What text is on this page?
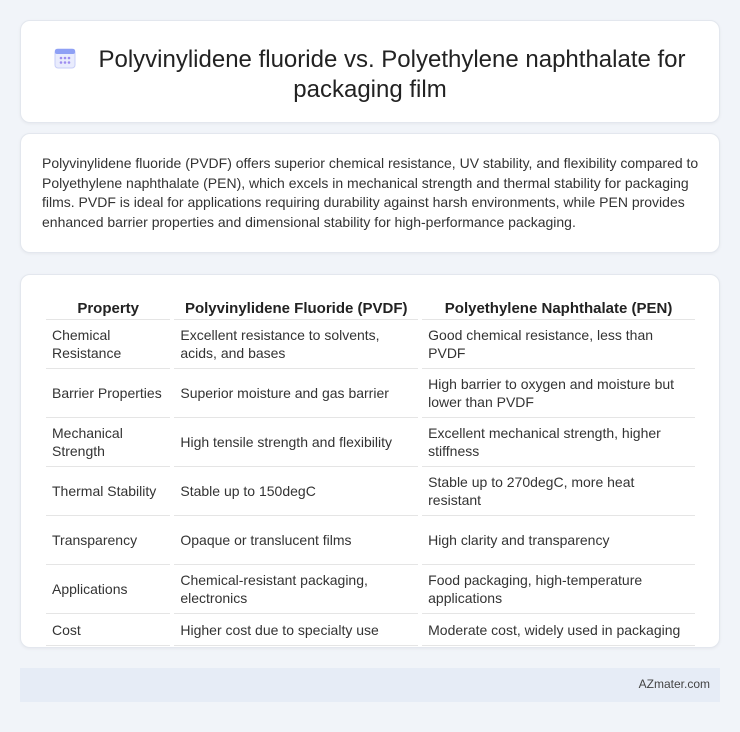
Polyvinylidene fluoride vs. Polyethylene naphthalate for packaging film

Polyvinylidene fluoride (PVDF) offers superior chemical resistance, UV stability, and flexibility compared to Polyethylene naphthalate (PEN), which excels in mechanical strength and thermal stability for packaging films. PVDF is ideal for applications requiring durability against harsh environments, while PEN provides enhanced barrier properties and dimensional stability for high-performance packaging.

Property	Polyvinylidene Fluoride (PVDF)	Polyethylene Naphthalate (PEN)
Chemical Resistance	Excellent resistance to solvents, acids, and bases	Good chemical resistance, less than PVDF
Barrier Properties	Superior moisture and gas barrier	High barrier to oxygen and moisture but lower than PVDF
Mechanical Strength	High tensile strength and flexibility	Excellent mechanical strength, higher stiffness
Thermal Stability	Stable up to 150degC	Stable up to 270degC, more heat resistant
Transparency	Opaque or translucent films	High clarity and transparency
Applications	Chemical-resistant packaging, electronics	Food packaging, high-temperature applications
Cost	Higher cost due to specialty use	Moderate cost, widely used in packaging
AZmater.com
